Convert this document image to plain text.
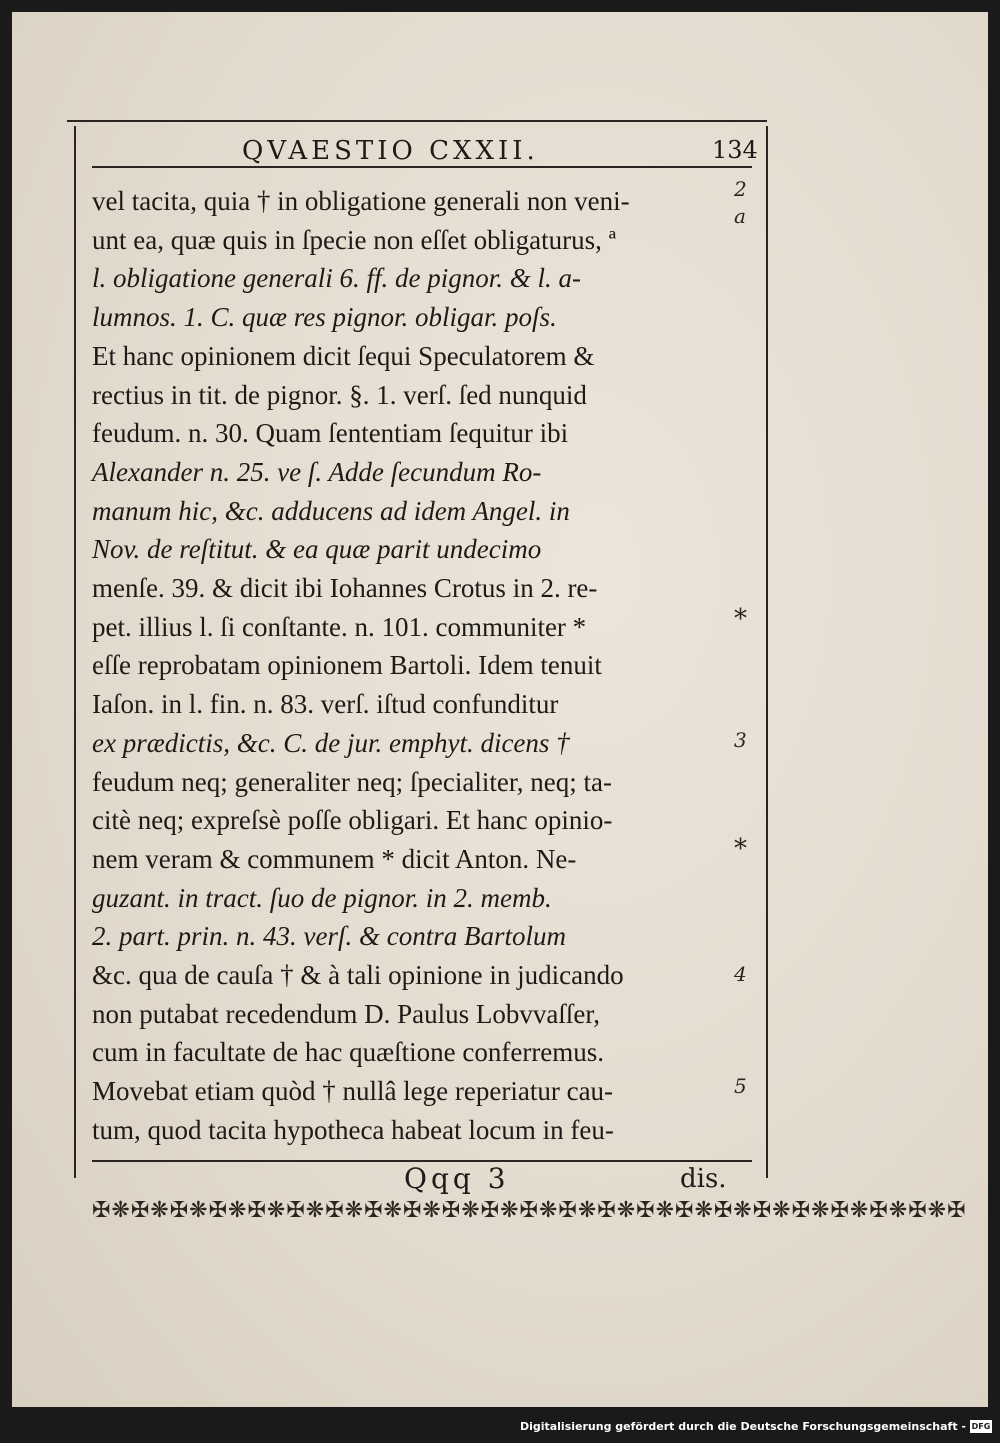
QVAESTIO CXXII.	134
vel tacita, quia † in obligatione generali non veni-
unt ea, quæ quis in ſpecie non eſſet obligaturus, ª
l. obligatione generali 6. ff. de pignor. & l. a-
lumnos. 1. C. quæ res pignor. obligar. poſs.
Et hanc opinionem dicit ſequi Speculatorem &
rectius in tit. de pignor. §. 1. verſ. ſed nunquid
feudum. n. 30. Quam ſententiam ſequitur ibi
Alexander n. 25. ve ſ. Adde ſecundum Ro-
manum hic, &c. adducens ad idem Angel. in
Nov. de reſtitut. & ea quæ parit undecimo
menſe. 39. & dicit ibi Iohannes Crotus in 2. re-
pet. illius l. ſi conſtante. n. 101. communiter *
eſſe reprobatam opinionem Bartoli. Idem tenuit
Iaſon. in l. fin. n. 83. verſ. iſtud confunditur
ex prædictis, &c. C. de jur. emphyt. dicens †
feudum neq; generaliter neq; ſpecialiter, neq; ta-
citè neq; expreſsè poſſe obligari. Et hanc opinio-
nem veram & communem * dicit Anton. Ne-
guzant. in tract. ſuo de pignor. in 2. memb.
2. part. prin. n. 43. verſ. & contra Bartolum
&c. qua de cauſa † & à tali opinione in judicando
non putabat recedendum D. Paulus Lobvvaſſer,
cum in facultate de hac quæſtione conferremus.
Movebat etiam quòd † nullâ lege reperiatur cau-
tum, quod tacita hypotheca habeat locum in feu-
2
a
*
3
*
4
5
Qqq 3	dis.
✠❋✠❋✠❋✠❋✠❋✠❋✠❋✠❋✠❋✠❋✠❋✠❋✠❋✠❋✠❋✠❋✠❋✠❋✠❋✠❋✠❋✠❋✠
Digitalisierung gefördert durch die Deutsche Forschungsgemeinschaft - DFG
